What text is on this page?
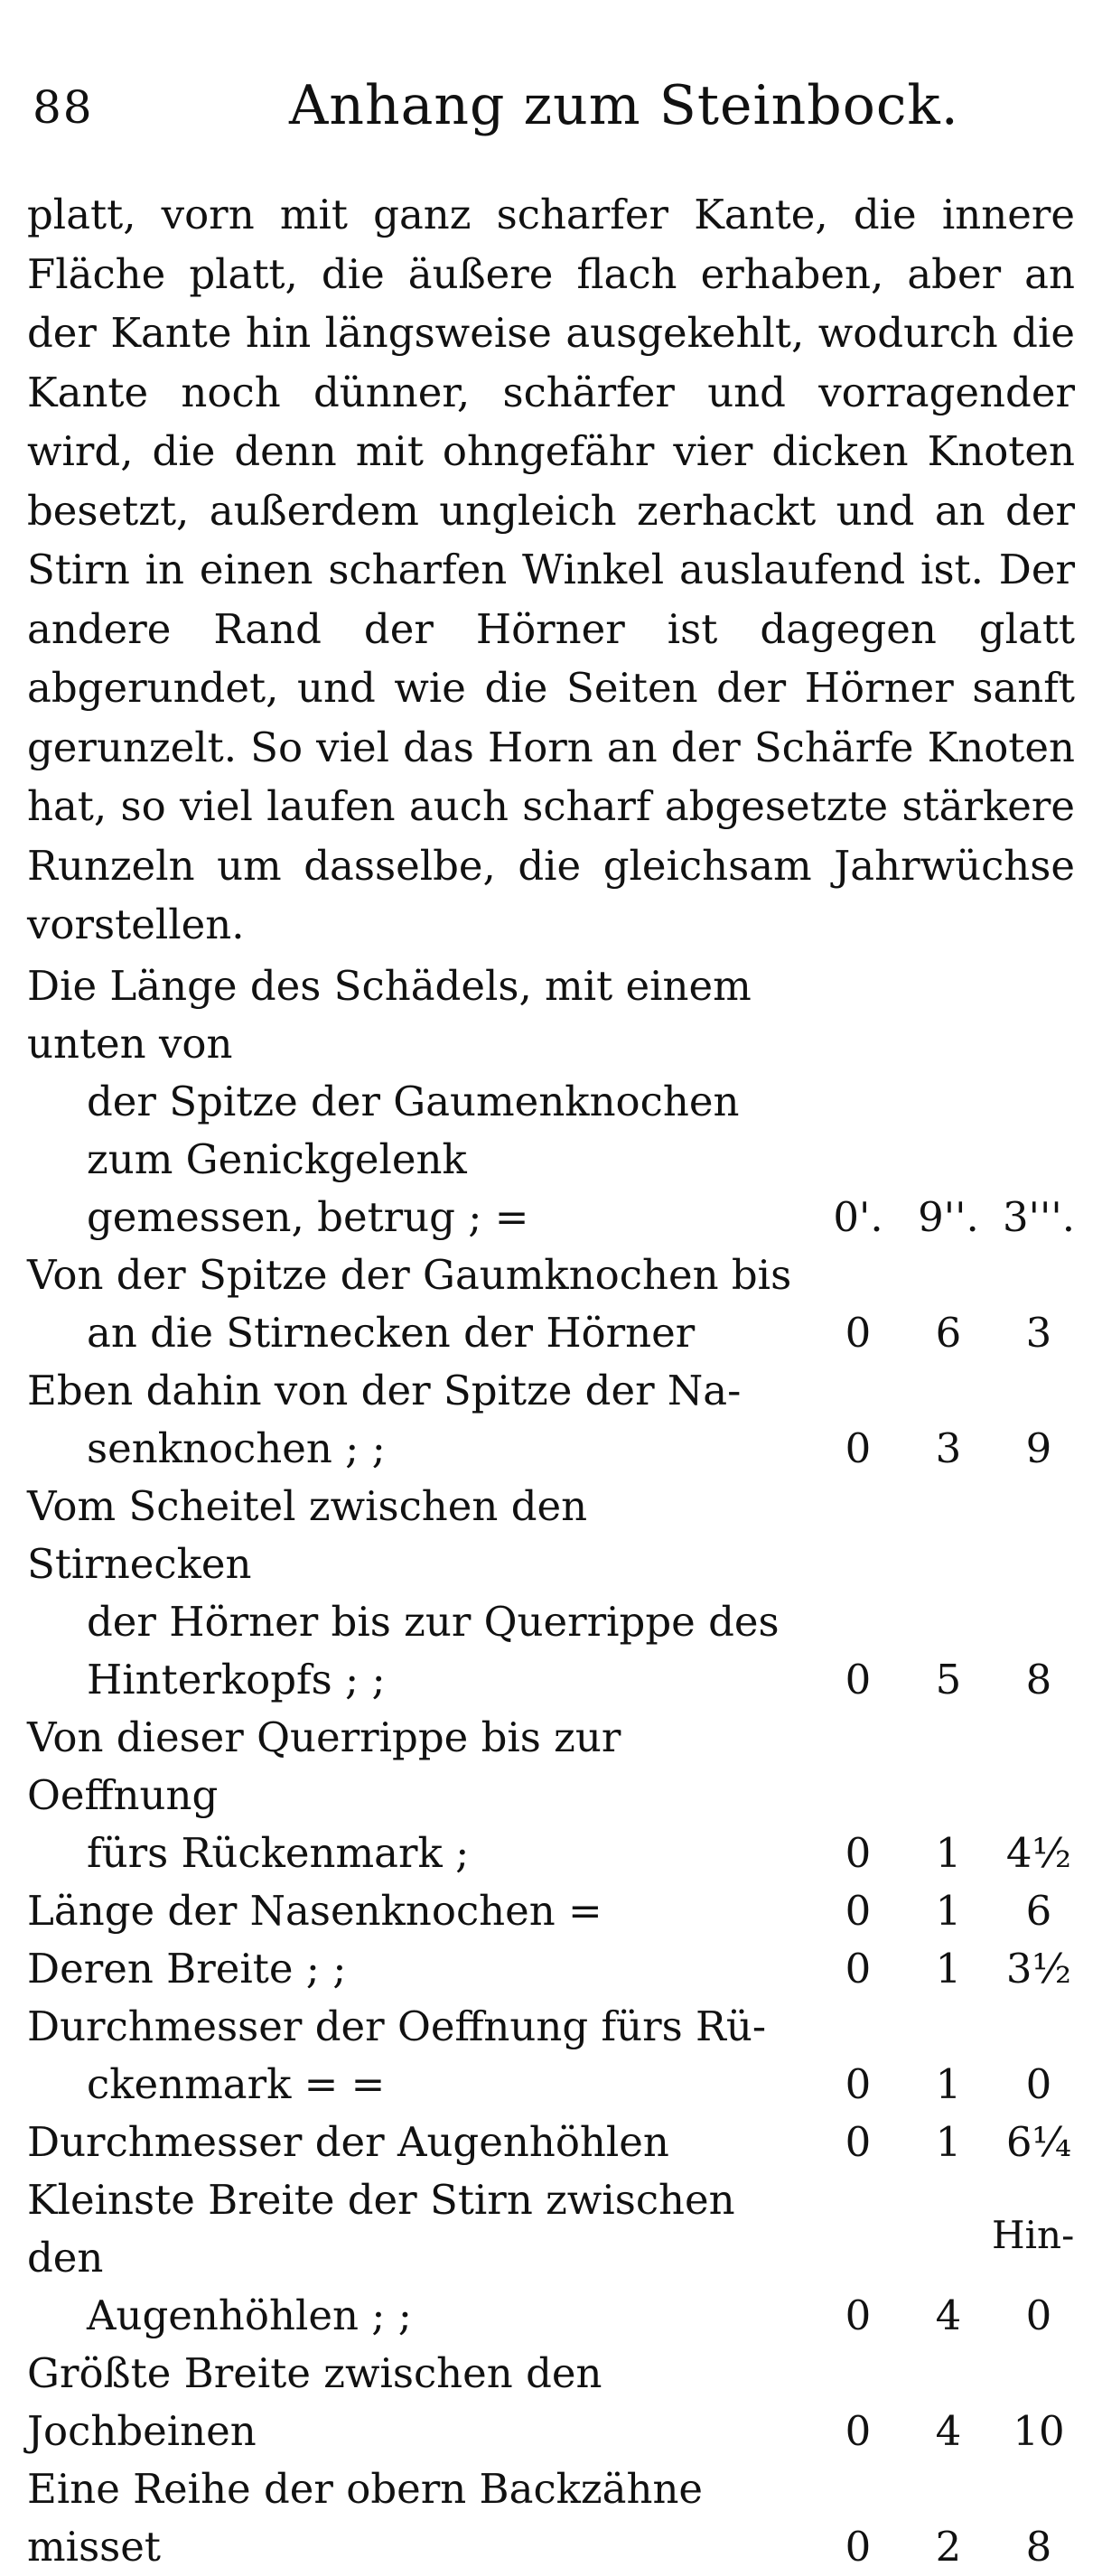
88	Anhang zum Steinbock.

platt, vorn mit ganz scharfer Kante, die innere Fläche platt, die äußere flach erhaben, aber an der Kante hin längsweise ausgekehlt, wodurch die Kante noch dünner, schärfer und vorragender wird, die denn mit ohngefähr vier dicken Knoten besetzt, außerdem ungleich zerhackt und an der Stirn in einen scharfen Winkel auslaufend ist. Der andere Rand der Hörner ist dagegen glatt abgerundet, und wie die Seiten der Hörner sanft gerunzelt. So viel das Horn an der Schärfe Knoten hat, so viel laufen auch scharf abgesetzte stärkere Runzeln um dasselbe, die gleichsam Jahrwüchse vorstellen.

Die Länge des Schädels, mit einem unten von
der Spitze der Gaumenknochen zum Genickgelenk
gemessen, betrug ; =	0'.	9''.	3'''.

Von der Spitze der Gaumknochen bis
an die Stirnecken der Hörner	0	6	3

Eben dahin von der Spitze der Na-
senknochen ; ;	0	3	9

Vom Scheitel zwischen den Stirnecken
der Hörner bis zur Querrippe des
Hinterkopfs ; ;	0	5	8

Von dieser Querrippe bis zur Oeffnung
fürs Rückenmark ;	0	1	4½

Länge der Nasenknochen =	0	1	6

Deren Breite ; ;	0	1	3½

Durchmesser der Oeffnung fürs Rü-
ckenmark = =	0	1	0

Durchmesser der Augenhöhlen	0	1	6¼

Kleinste Breite der Stirn zwischen den
Augenhöhlen ; ;	0	4	0

Größte Breite zwischen den Jochbeinen	0	4	10

Eine Reihe der obern Backzähne misset	0	2	8
Hin-
